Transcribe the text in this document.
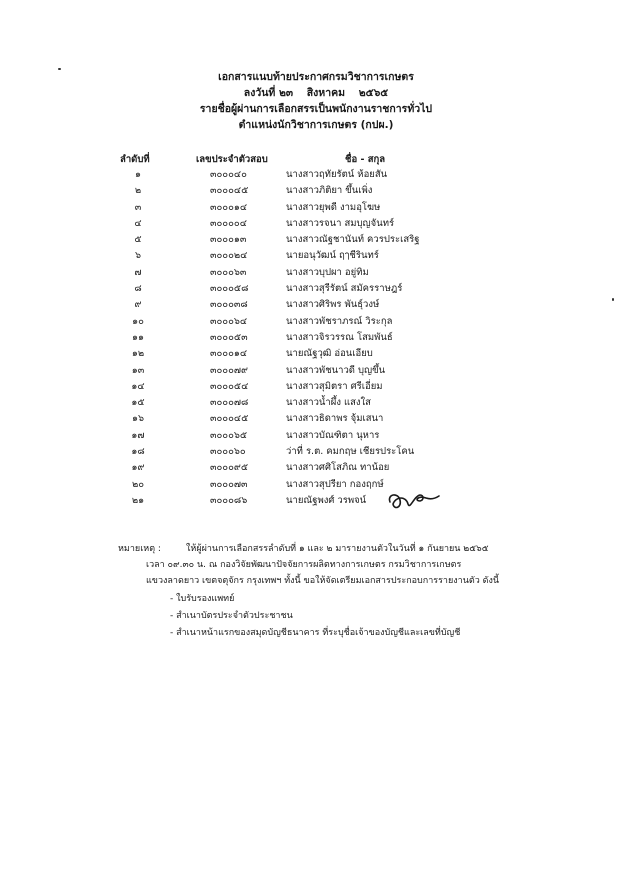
เอกสารแนบท้ายประกาศกรมวิชาการเกษตร
ลงวันที่ ๒๓ สิงหาคม ๒๕๖๕
รายชื่อผู้ผ่านการเลือกสรรเป็นพนักงานราชการทั่วไป
ตำแหน่งนักวิชาการเกษตร (กปผ.)
ลำดับที่	เลขประจำตัวสอบ	ชื่อ - สกุล
๑	๓๐๐๐๔๐	นางสาวฤทัยรัตน์ ห้อยสัน
๒	๓๐๐๐๔๕	นางสาวภิติยา ขึ้นเพิ่ง
๓	๓๐๐๐๑๔	นางสาวยุพดี งามอุโฆษ
๔	๓๐๐๐๐๔	นางสาวรจนา สมบุญจันทร์
๕	๓๐๐๐๑๓	นางสาวณัฐชานันท์ ควรประเสริฐ
๖	๓๐๐๐๒๔	นายอนุวัฒน์ ฤๅชีรินทร์
๗	๓๐๐๐๖๓	นางสาวบุปผา อยู่ทิม
๘	๓๐๐๐๕๘	นางสาวสุรีรัตน์ สมัครราษฎร์
๙	๓๐๐๐๓๘	นางสาวศิริพร พันธุ์วงษ์
๑๐	๓๐๐๐๖๔	นางสาวพัชราภรณ์ วิระกุล
๑๑	๓๐๐๐๕๓	นางสาวจิรวรรณ โสมพันธ์
๑๒	๓๐๐๐๑๔	นายณัฐวุฒิ อ่อนเอียบ
๑๓	๓๐๐๐๗๙	นางสาวพัชนาวดี บุญขึ้น
๑๔	๓๐๐๐๕๔	นางสาวสุมิตรา ศรีเอี่ยม
๑๕	๓๐๐๐๗๘	นางสาวน้ำผึ้ง แสงใส
๑๖	๓๐๐๐๔๕	นางสาวธิดาพร จุ้มเสนา
๑๗	๓๐๐๐๖๕	นางสาวบัณฑิตา นุหาร
๑๘	๓๐๐๐๖๐	ว่าที่ ร.ต. คมกฤษ เชียรประโคน
๑๙	๓๐๐๐๙๕	นางสาวศศิโสภิณ ทาน้อย
๒๐	๓๐๐๐๗๓	นางสาวสุปรียา กองฤกษ์
๒๑	๓๐๐๐๘๖	นายณัฐพงศ์ วรพจน์
หมายเหตุ :	ให้ผู้ผ่านการเลือกสรรลำดับที่ ๑ และ ๒ มารายงานตัวในวันที่ ๑ กันยายน ๒๕๖๕
เวลา ๐๙.๓๐ น. ณ กองวิจัยพัฒนาปัจจัยการผลิตทางการเกษตร กรมวิชาการเกษตร
แขวงลาดยาว เขตจตุจักร กรุงเทพฯ ทั้งนี้ ขอให้จัดเตรียมเอกสารประกอบการรายงานตัว ดังนี้
- ใบรับรองแพทย์
- สำเนาบัตรประจำตัวประชาชน
- สำเนาหน้าแรกของสมุดบัญชีธนาคาร ที่ระบุชื่อเจ้าของบัญชีและเลขที่บัญชี
